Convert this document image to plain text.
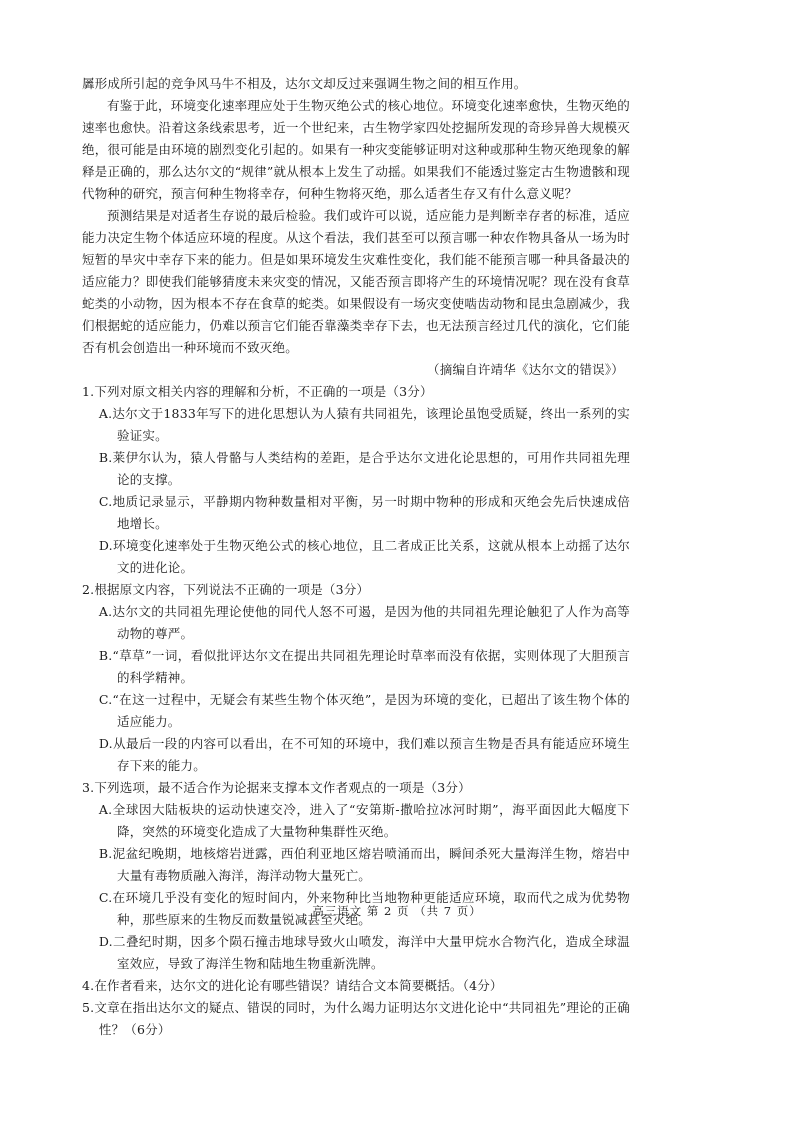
羼形成所引起的竞争风马牛不相及，达尔文却反过来强调生物之间的相互作用。

有鉴于此，环境变化速率理应处于生物灭绝公式的核心地位。环境变化速率愈快，生物灭绝的速率也愈快。沿着这条线索思考，近一个世纪来，古生物学家四处挖掘所发现的奇珍异兽大规模灭绝，很可能是由环境的剧烈变化引起的。如果有一种灾变能够证明对这种或那种生物灭绝现象的解释是正确的，那么达尔文的“规律”就从根本上发生了动摇。如果我们不能透过鉴定古生物遗骸和现代物种的研究，预言何种生物将幸存，何种生物将灭绝，那么适者生存又有什么意义呢？

预测结果是对适者生存说的最后检验。我们或许可以说，适应能力是判断幸存者的标准，适应能力决定生物个体适应环境的程度。从这个看法，我们甚至可以预言哪一种农作物具备从一场为时短暂的旱灾中幸存下来的能力。但是如果环境发生灾难性变化，我们能不能预言哪一种具备最决的适应能力？即使我们能够猜度未来灾变的情况，又能否预言即将产生的环境情况呢？现在没有食草蛇类的小动物，因为根本不存在食草的蛇类。如果假设有一场灾变使啮齿动物和昆虫急剧减少，我们根据蛇的适应能力，仍难以预言它们能否靠藻类幸存下去，也无法预言经过几代的演化，它们能否有机会创造出一种环境而不致灭绝。

（摘编自许靖华《达尔文的错误》）

1.下列对原文相关内容的理解和分析，不正确的一项是（3分）

A.达尔文于1833年写下的进化思想认为人猿有共同祖先，该理论虽饱受质疑，终出一系列的实验证实。

B.莱伊尔认为，猿人骨骼与人类结构的差距，是合乎达尔文进化论思想的，可用作共同祖先理论的支撑。

C.地质记录显示，平静期内物种数量相对平衡，另一时期中物种的形成和灭绝会先后快速成倍地增长。

D.环境变化速率处于生物灭绝公式的核心地位，且二者成正比关系，这就从根本上动摇了达尔文的进化论。

2.根据原文内容，下列说法不正确的一项是（3分）

A.达尔文的共同祖先理论使他的同代人怒不可遏，是因为他的共同祖先理论触犯了人作为高等动物的尊严。

B.“草草”一词，看似批评达尔文在提出共同祖先理论时草率而没有依据，实则体现了大胆预言的科学精神。

C.“在这一过程中，无疑会有某些生物个体灭绝”，是因为环境的变化，已超出了该生物个体的适应能力。

D.从最后一段的内容可以看出，在不可知的环境中，我们难以预言生物是否具有能适应环境生存下来的能力。

3.下列选项，最不适合作为论据来支撑本文作者观点的一项是（3分）

A.全球因大陆板块的运动快速交冷，进入了“安第斯-撒哈拉冰河时期”，海平面因此大幅度下降，突然的环境变化造成了大量物种集群性灭绝。

B.泥盆纪晚期，地核熔岩迸露，西伯利亚地区熔岩喷涌而出，瞬间杀死大量海洋生物，熔岩中大量有毒物质融入海洋，海洋动物大量死亡。

C.在环境几乎没有变化的短时间内，外来物种比当地物种更能适应环境，取而代之成为优势物种，那些原来的生物反而数量锐减甚至灭绝。

D.二叠纪时期，因多个陨石撞击地球导致火山喷发，海洋中大量甲烷水合物汽化，造成全球温室效应，导致了海洋生物和陆地生物重新洗牌。

4.在作者看来，达尔文的进化论有哪些错误？请结合文本简要概括。（4分）

5.文章在指出达尔文的疑点、错误的同时，为什么竭力证明达尔文进化论中“共同祖先”理论的正确性？（6分）

高三语文 第 2 页 （共 7 页）
